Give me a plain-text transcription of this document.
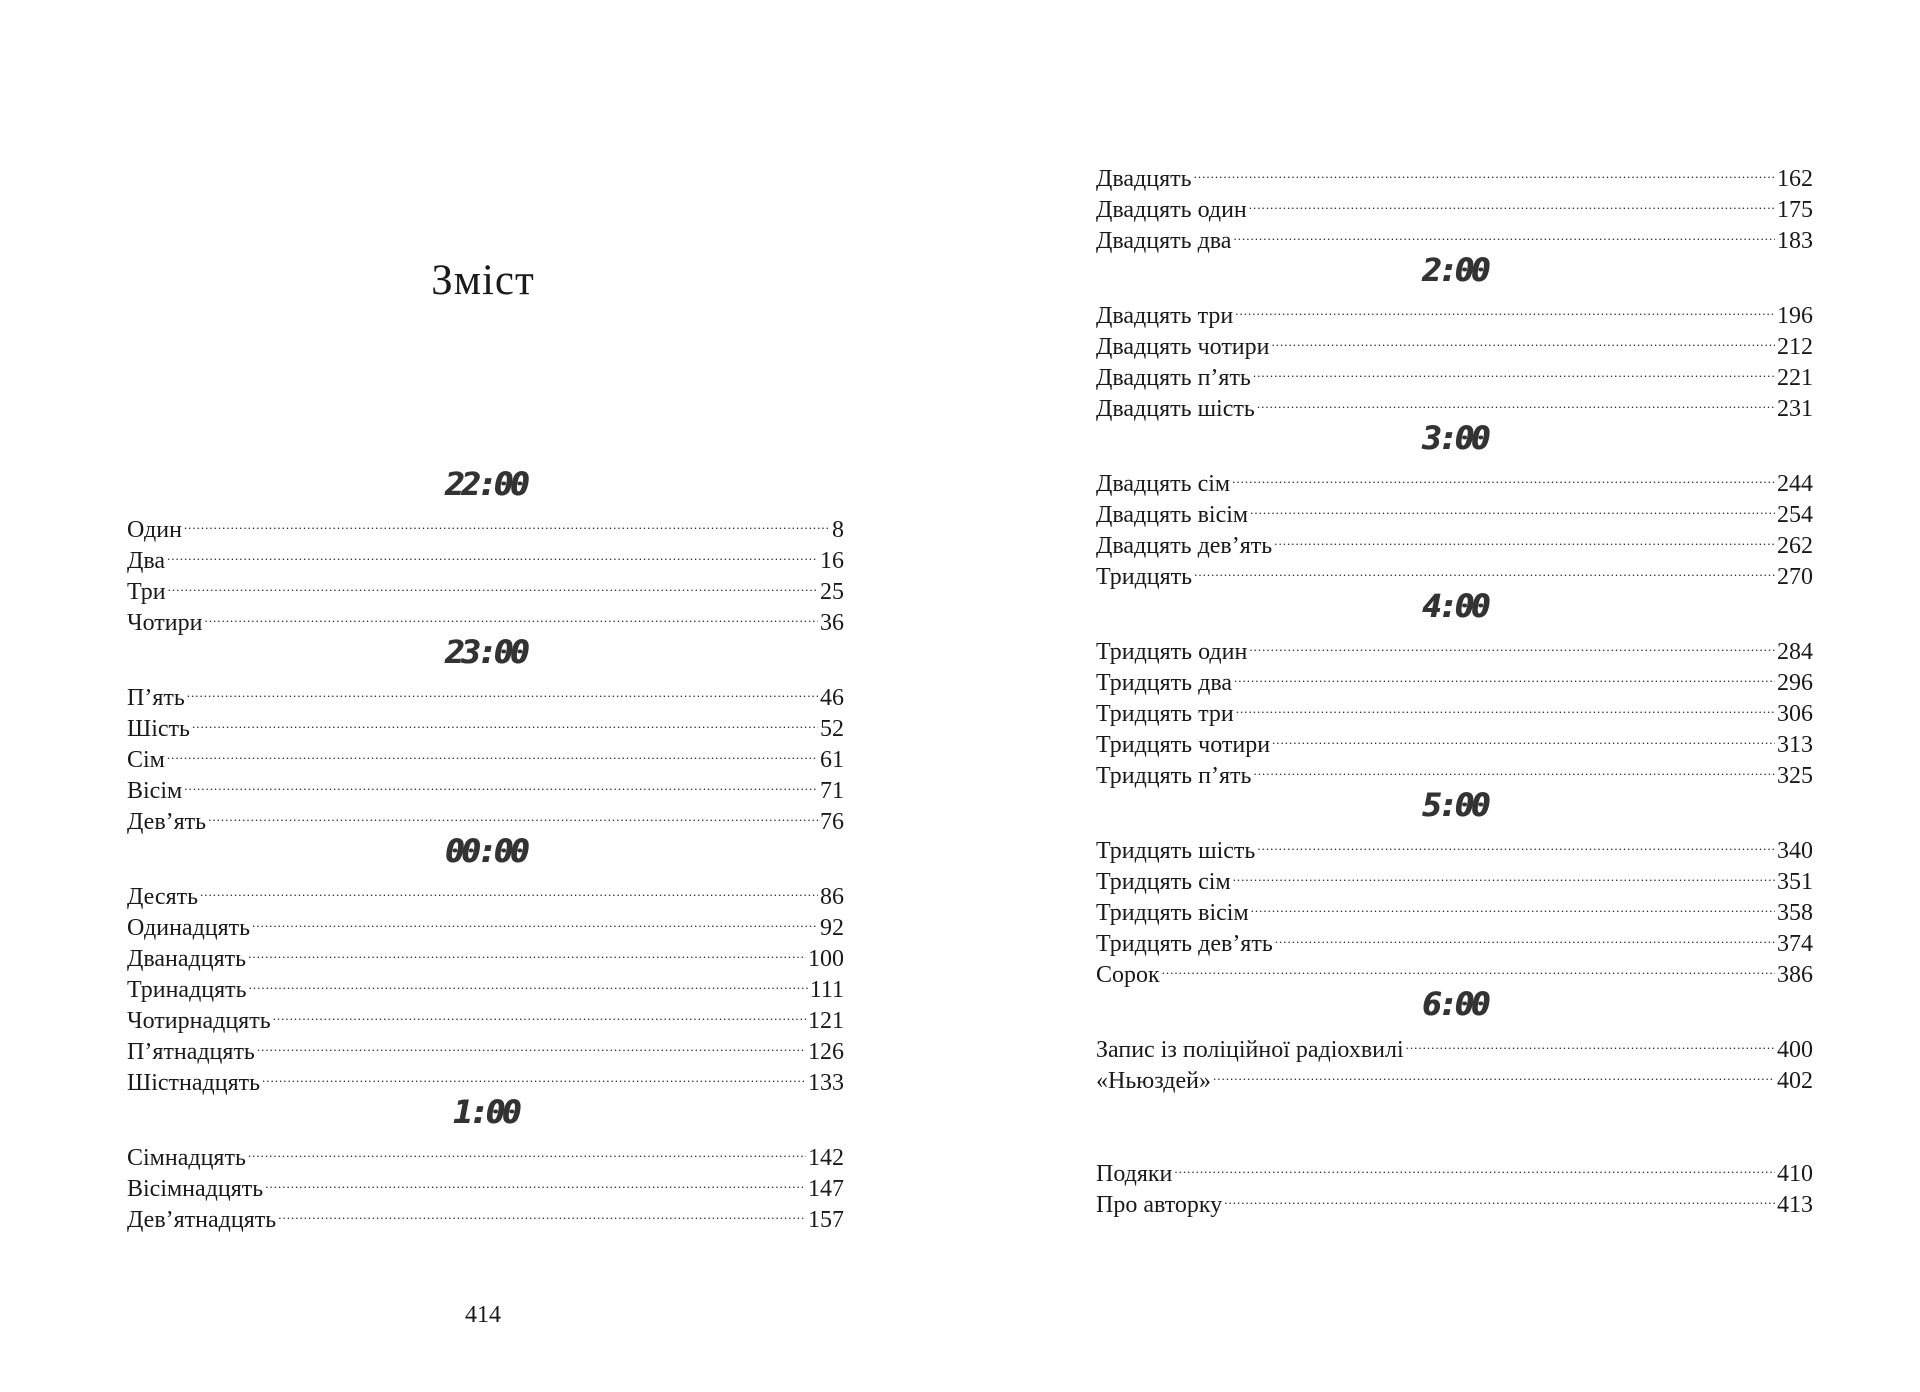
Зміст
22:00
Один .....	8
Два .....	16
Три .....	25
Чотири .....	36
23:00
П’ять .....	46
Шість .....	52
Сім .....	61
Вісім .....	71
Дев’ять .....	76
00:00
Десять .....	86
Одинадцять .....	92
Дванадцять .....	100
Тринадцять .....	111
Чотирнадцять .....	121
П’ятнадцять .....	126
Шістнадцять .....	133
1:00
Сімнадцять .....	142
Вісімнадцять .....	147
Дев’ятнадцять .....	157
414
Двадцять .....	162
Двадцять один .....	175
Двадцять два .....	183
2:00
Двадцять три .....	196
Двадцять чотири .....	212
Двадцять п’ять .....	221
Двадцять шість .....	231
3:00
Двадцять сім .....	244
Двадцять вісім .....	254
Двадцять дев’ять .....	262
Тридцять .....	270
4:00
Тридцять один .....	284
Тридцять два .....	296
Тридцять три .....	306
Тридцять чотири .....	313
Тридцять п’ять .....	325
5:00
Тридцять шість .....	340
Тридцять сім .....	351
Тридцять вісім .....	358
Тридцять дев’ять .....	374
Сорок .....	386
6:00
Запис із поліційної радіохвилі .....	400
«Ньюздей» .....	402
Подяки .....	410
Про авторку .....	413
